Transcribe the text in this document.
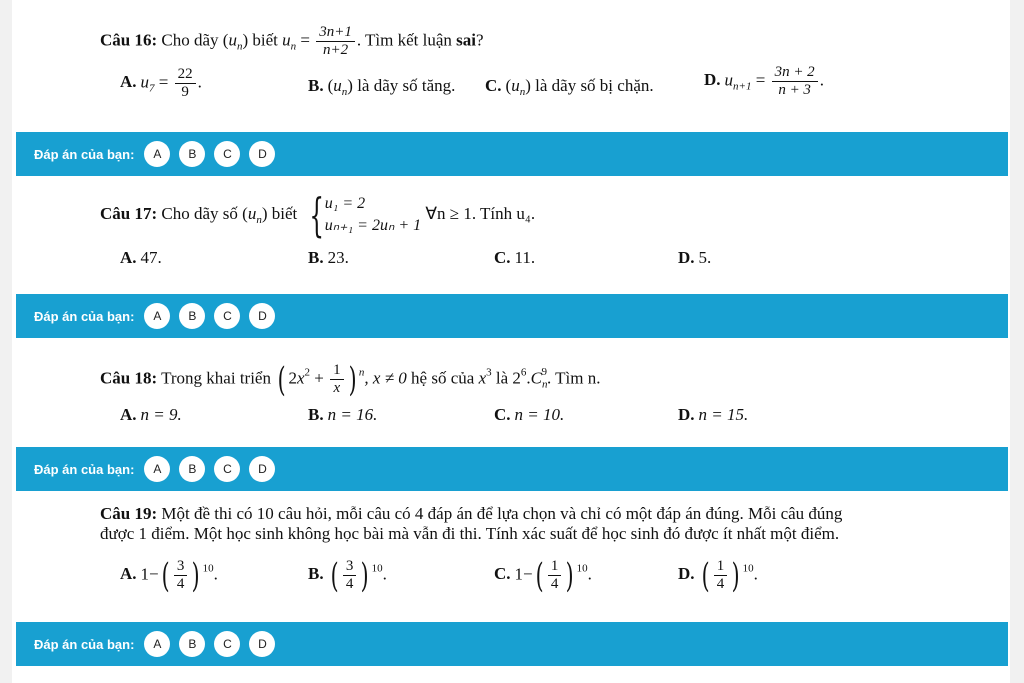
Câu 16: Cho dãy $(u_n)$ biết $u_n = \frac{3n+1}{n+2}$ . Tìm kết luận sai?
A. $u_7 = \frac{22}{9}$ .	B. $(u_n)$ là dãy số tăng. C. $(u_n)$ là dãy số bị chặn.	D. $u_{n+1} = \frac{3n + 2}{n + 3}$ .
Đáp án của bạn:	A	B	C	D
Câu 17: Cho dãy số $(u_n)$ biết { u₁ = 2
uₙ₊₁ = 2uₙ + 1
∀n ≥ 1. Tính u₄.
A. 47.	B. 23.	C. 11.	D. 5.
Đáp án của bạn:	A	B	C	D
Câu 18: Trong khai triển ( $2x^2 + \frac{1}{x}$ ) $^n$, x ≠ 0 hệ số của $x^3$ là $2^6.C_n^9$. Tìm n.
A. n = 9.	B. n = 16.	C. n = 10.	D. n = 15.
Đáp án của bạn:	A	B	C	D
Câu 19: Một đề thi có 10 câu hỏi, mỗi câu có 4 đáp án để lựa chọn và chỉ có một đáp án đúng. Mỗi câu đúng
được 1 điểm. Một học sinh không học bài mà vẫn đi thi. Tính xác suất để học sinh đó được ít nhất một điểm.
A. $1-( \frac{3}{4}$ ) $^{10}$.	B. ( $\frac{3}{4}$ ) $^{10}$.	C. $1-( \frac{1}{4}$ ) $^{10}$.	D. ( $\frac{1}{4}$ ) $^{10}$.
Đáp án của bạn:	A	B	C	D
